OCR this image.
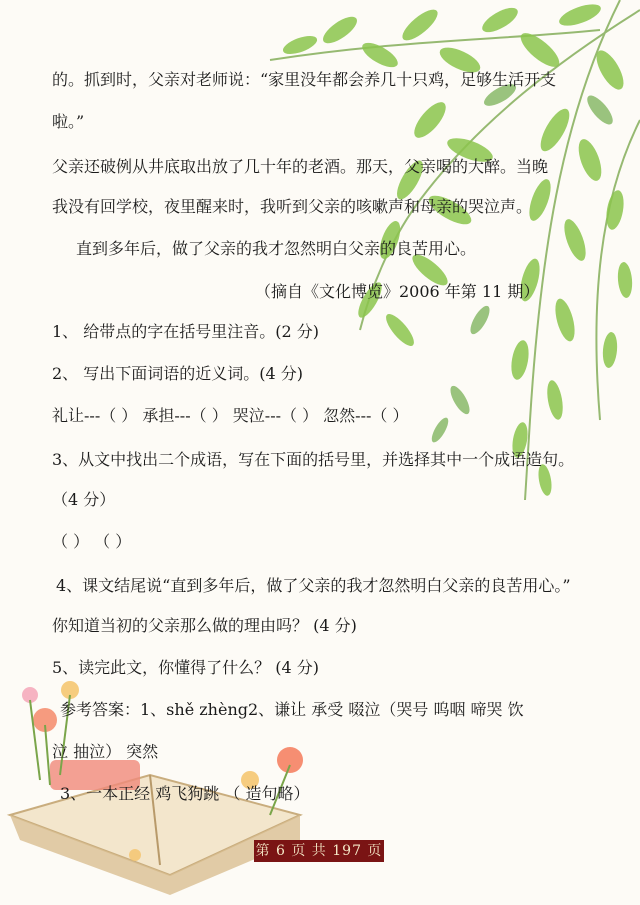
的。抓到时，父亲对老师说：“家里没年都会养几十只鸡，足够生活开支
啦。”
父亲还破例从井底取出放了几十年的老酒。那天，父亲喝的大醉。当晚
我没有回学校，夜里醒来时，我听到父亲的咳嗽声和母亲的哭泣声。
直到多年后，做了父亲的我才忽然明白父亲的良苦用心。
（摘自《文化博览》2006 年第 11 期）
1、 给带点的字在括号里注音。(2 分)
2、 写出下面词语的近义词。(4 分)
礼让---（ ） 承担---（ ） 哭泣---（ ） 忽然---（ ）
3、从文中找出二个成语，写在下面的括号里，并选择其中一个成语造句。
（4 分）
（ ） （ ）
4、课文结尾说“直到多年后，做了父亲的我才忽然明白父亲的良苦用心。”
你知道当初的父亲那么做的理由吗？ (4 分)
5、读完此文，你懂得了什么？ (4 分)
参考答案：1、shě zhèng2、谦让 承受 啜泣（哭号 呜咽 啼哭 饮
泣 抽泣） 突然
3、一本正经 鸡飞狗跳 （ 造句略）
第 6 页 共 197 页
